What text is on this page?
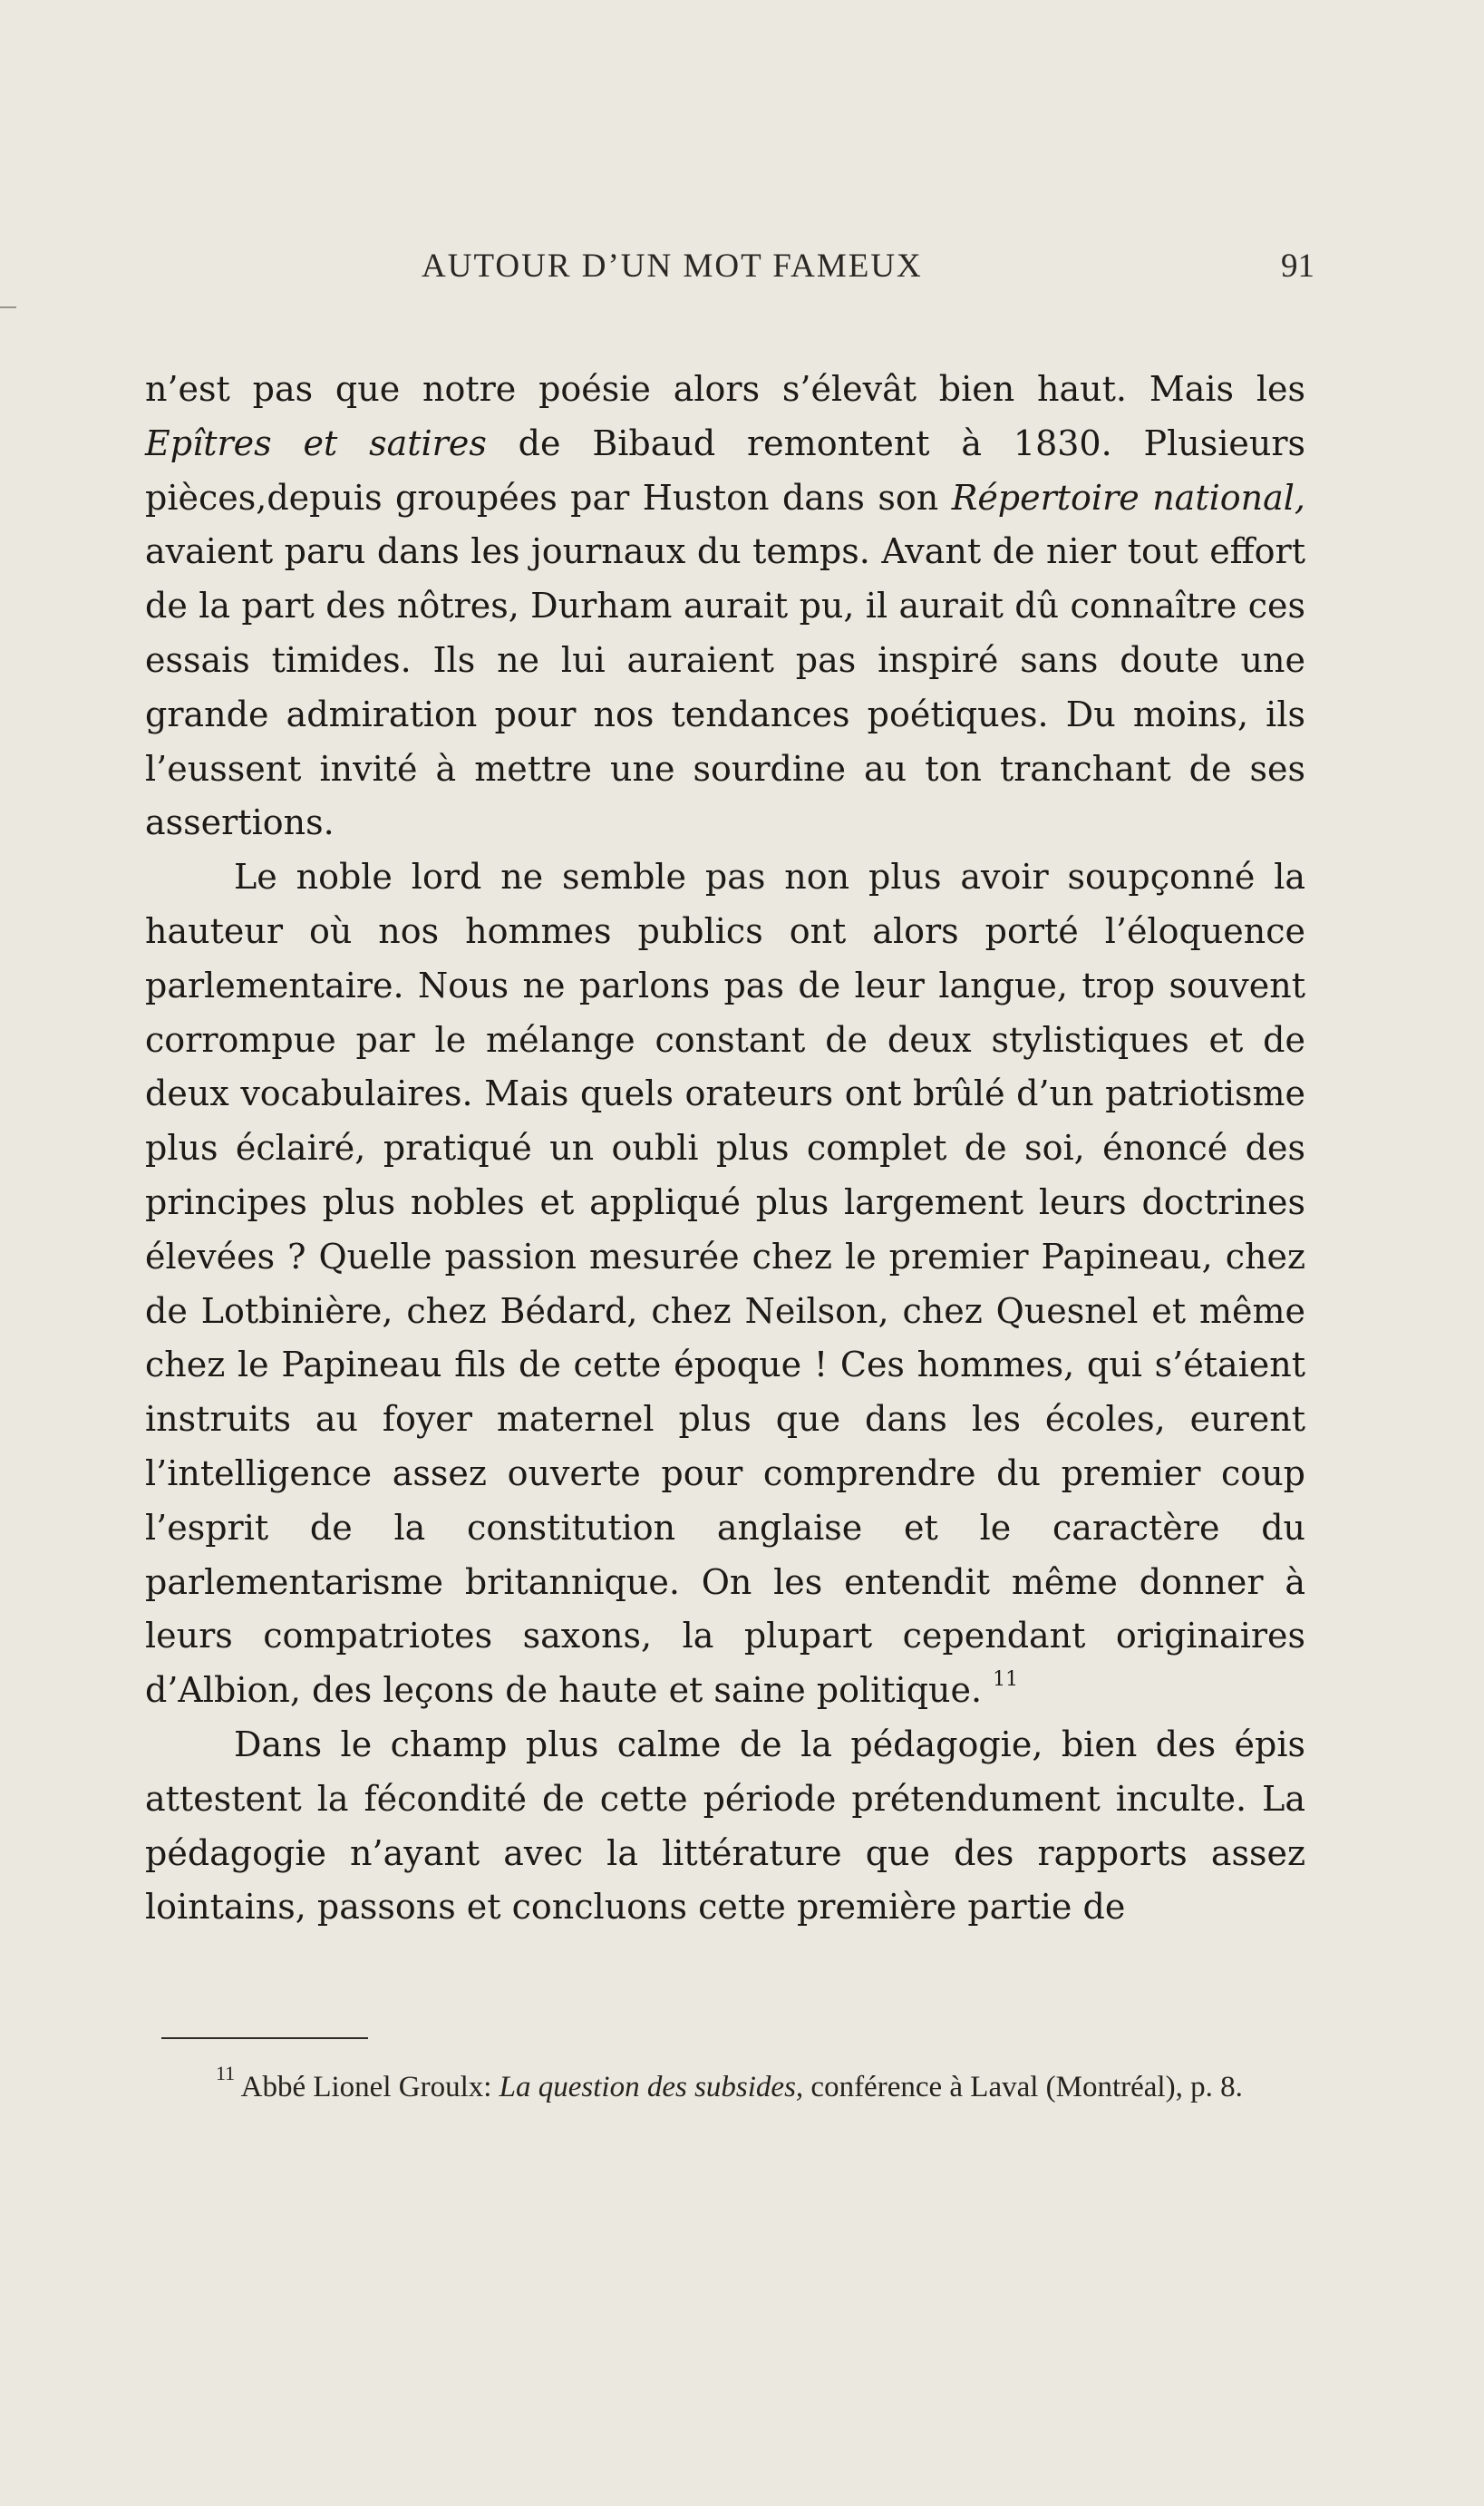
AUTOUR D’UN MOT FAMEUX	91

n’est pas que notre poésie alors s’élevât bien haut. Mais les Epîtres et satires de Bibaud remontent à 1830. Plusieurs pièces,depuis groupées par Huston dans son Répertoire national, avaient paru dans les journaux du temps. Avant de nier tout effort de la part des nôtres, Durham aurait pu, il aurait dû connaître ces essais timides. Ils ne lui auraient pas inspiré sans doute une grande admiration pour nos tendances poétiques. Du moins, ils l’eussent invité à mettre une sourdine au ton tranchant de ses assertions.

Le noble lord ne semble pas non plus avoir soupçonné la hauteur où nos hommes publics ont alors porté l’éloquence parlementaire. Nous ne parlons pas de leur langue, trop souvent corrompue par le mélange constant de deux stylistiques et de deux vocabulaires. Mais quels orateurs ont brûlé d’un patriotisme plus éclairé, pratiqué un oubli plus complet de soi, énoncé des principes plus nobles et appliqué plus largement leurs doctrines élevées ? Quelle passion mesurée chez le premier Papineau, chez de Lotbinière, chez Bédard, chez Neilson, chez Quesnel et même chez le Papineau fils de cette époque ! Ces hommes, qui s’étaient instruits au foyer maternel plus que dans les écoles, eurent l’intelligence assez ouverte pour comprendre du premier coup l’esprit de la constitution anglaise et le caractère du parlementarisme britannique. On les entendit même donner à leurs compatriotes saxons, la plupart cependant originaires d’Albion, des leçons de haute et saine politique. $^{11}$

Dans le champ plus calme de la pédagogie, bien des épis attestent la fécondité de cette période prétendument inculte. La pédagogie n’ayant avec la littérature que des rapports assez lointains, passons et concluons cette première partie de

$^{11}$ Abbé Lionel Groulx: La question des subsides, conférence à Laval (Montréal), p. 8.
